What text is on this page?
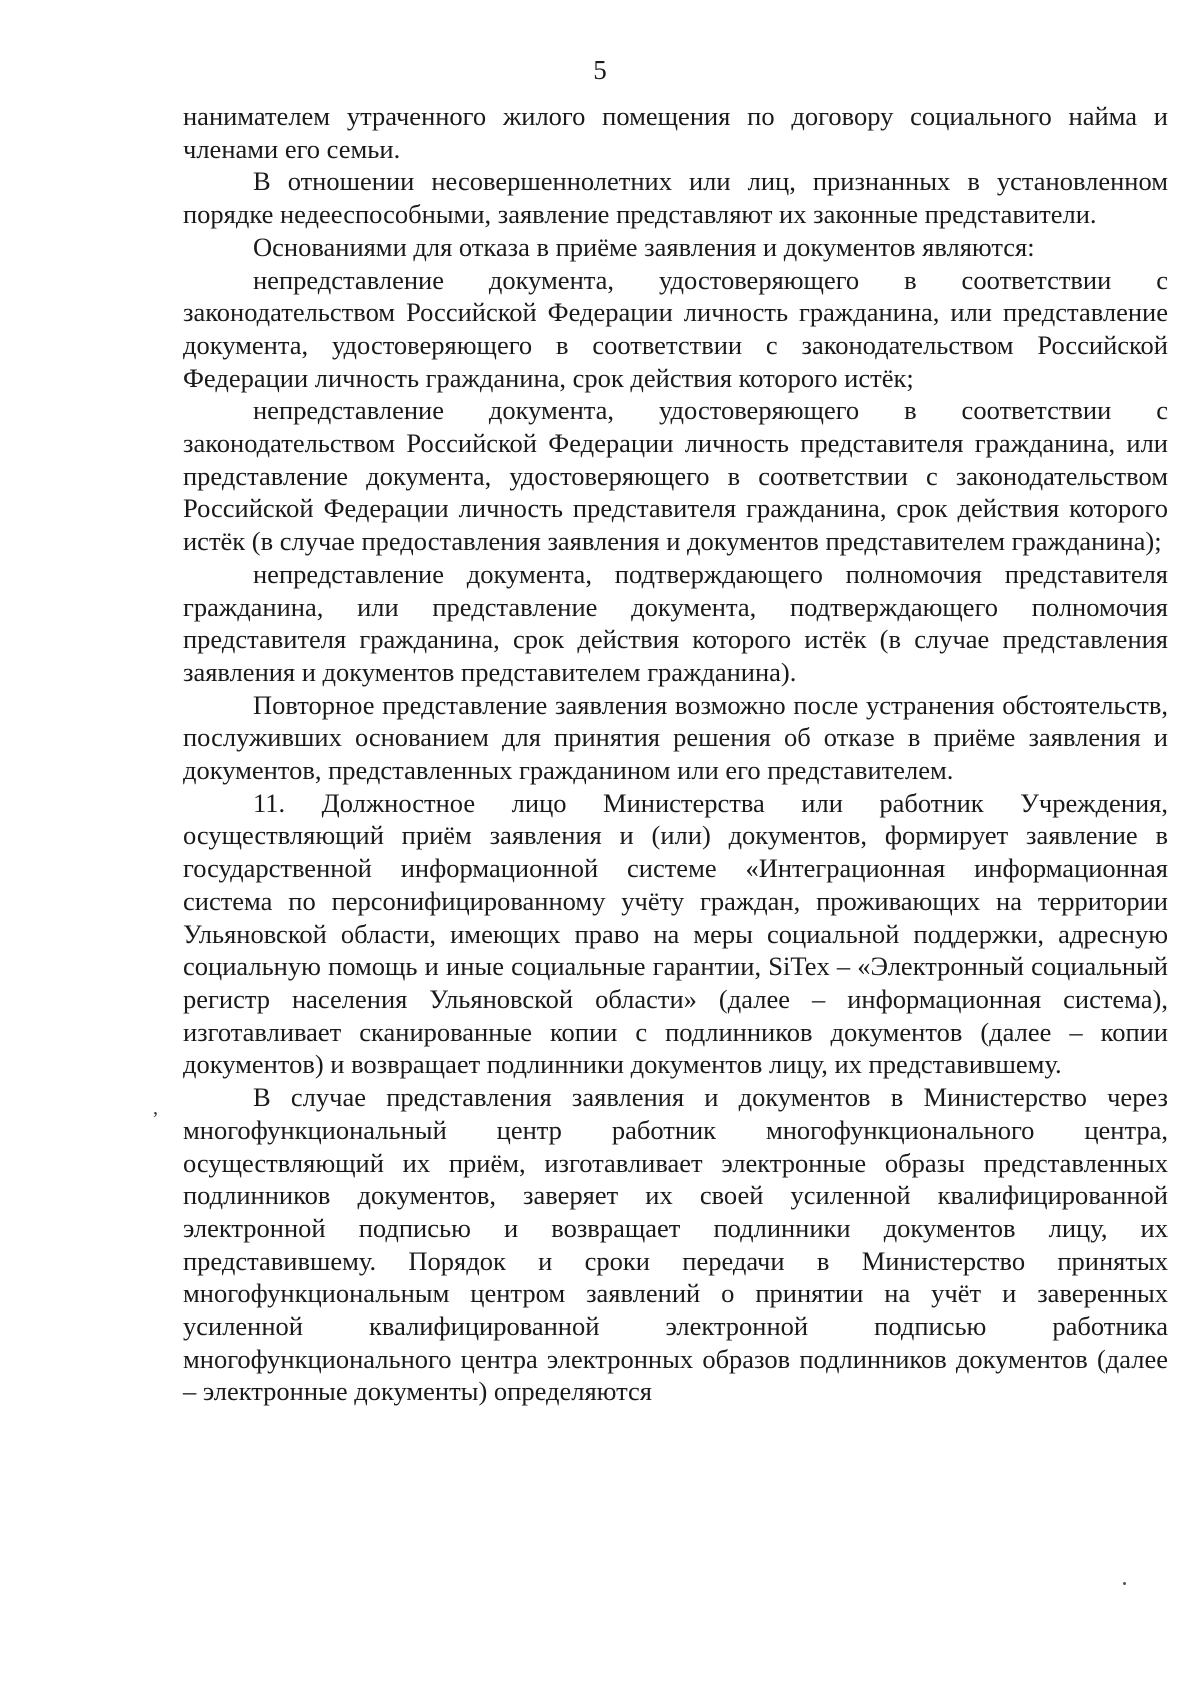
5

нанимателем утраченного жилого помещения по договору социального найма и членами его семьи.

В отношении несовершеннолетних или лиц, признанных в установленном порядке недееспособными, заявление представляют их законные представители.

Основаниями для отказа в приёме заявления и документов являются:

непредставление документа, удостоверяющего в соответствии с законодательством Российской Федерации личность гражданина, или представление документа, удостоверяющего в соответствии с законодательством Российской Федерации личность гражданина, срок действия которого истёк;

непредставление документа, удостоверяющего в соответствии с законодательством Российской Федерации личность представителя гражданина, или представление документа, удостоверяющего в соответствии с законодательством Российской Федерации личность представителя гражданина, срок действия которого истёк (в случае предоставления заявления и документов представителем гражданина);

непредставление документа, подтверждающего полномочия представителя гражданина, или представление документа, подтверждающего полномочия представителя гражданина, срок действия которого истёк (в случае представления заявления и документов представителем гражданина).

Повторное представление заявления возможно после устранения обстоятельств, послуживших основанием для принятия решения об отказе в приёме заявления и документов, представленных гражданином или его представителем.

11. Должностное лицо Министерства или работник Учреждения, осуществляющий приём заявления и (или) документов, формирует заявление в государственной информационной системе «Интеграционная информационная система по персонифицированному учёту граждан, проживающих на территории Ульяновской области, имеющих право на меры социальной поддержки, адресную социальную помощь и иные социальные гарантии, SiTex – «Электронный социальный регистр населения Ульяновской области» (далее – информационная система), изготавливает сканированные копии с подлинников документов (далее – копии документов) и возвращает подлинники документов лицу, их представившему.

В случае представления заявления и документов в Министерство через многофункциональный центр работник многофункционального центра, осуществляющий их приём, изготавливает электронные образы представленных подлинников документов, заверяет их своей усиленной квалифицированной электронной подписью и возвращает подлинники документов лицу, их представившему. Порядок и сроки передачи в Министерство принятых многофункциональным центром заявлений о принятии на учёт и заверенных усиленной квалифицированной электронной подписью работника многофункционального центра электронных образов подлинников документов (далее – электронные документы) определяются

,
